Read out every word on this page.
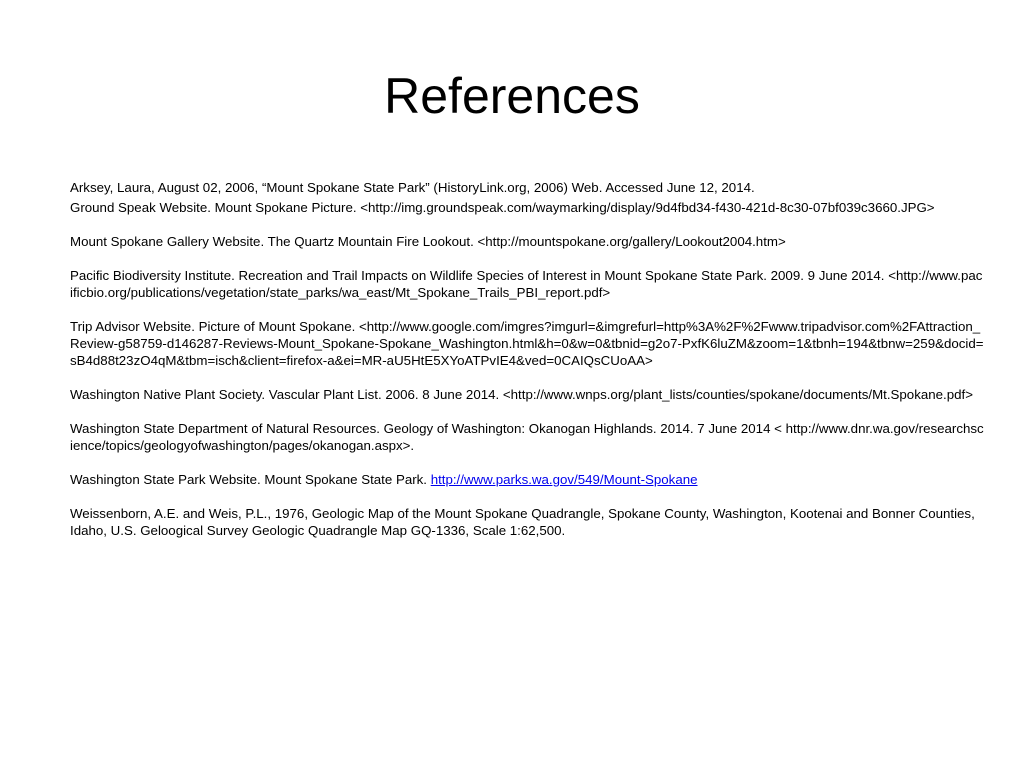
References

Arksey, Laura, August 02, 2006, “Mount Spokane State Park” (HistoryLink.org, 2006) Web. Accessed June 12, 2014.

Ground Speak Website. Mount Spokane Picture. <http://img.groundspeak.com/waymarking/display/9d4fbd34-f430-421d-8c30-07bf039c3660.JPG>

Mount Spokane Gallery Website. The Quartz Mountain Fire Lookout. <http://mountspokane.org/gallery/Lookout2004.htm>

Pacific Biodiversity Institute. Recreation and Trail Impacts on Wildlife Species of Interest in Mount Spokane State Park. 2009. 9 June 2014. <http://www.pacificbio.org/publications/vegetation/state_parks/wa_east/Mt_Spokane_Trails_PBI_report.pdf>

Trip Advisor Website. Picture of Mount Spokane. <http://www.google.com/imgres?imgurl=&imgrefurl=http%3A%2F%2Fwww.tripadvisor.com%2FAttraction_Review-g58759-d146287-Reviews-Mount_Spokane-Spokane_Washington.html&h=0&w=0&tbnid=g2o7-PxfK6luZM&zoom=1&tbnh=194&tbnw=259&docid=sB4d88t23zO4qM&tbm=isch&client=firefox-a&ei=MR-aU5HtE5XYoATPvIE4&ved=0CAIQsCUoAA>

Washington Native Plant Society. Vascular Plant List. 2006. 8 June 2014. <http://www.wnps.org/plant_lists/counties/spokane/documents/Mt.Spokane.pdf>

Washington State Department of Natural Resources. Geology of Washington: Okanogan Highlands. 2014. 7 June 2014 < http://www.dnr.wa.gov/researchscience/topics/geologyofwashington/pages/okanogan.aspx>.

Washington State Park Website. Mount Spokane State Park. http://www.parks.wa.gov/549/Mount-Spokane

Weissenborn, A.E. and Weis, P.L., 1976, Geologic Map of the Mount Spokane Quadrangle, Spokane County, Washington, Kootenai and Bonner Counties, Idaho, U.S. Geloogical Survey Geologic Quadrangle Map GQ-1336, Scale 1:62,500.
